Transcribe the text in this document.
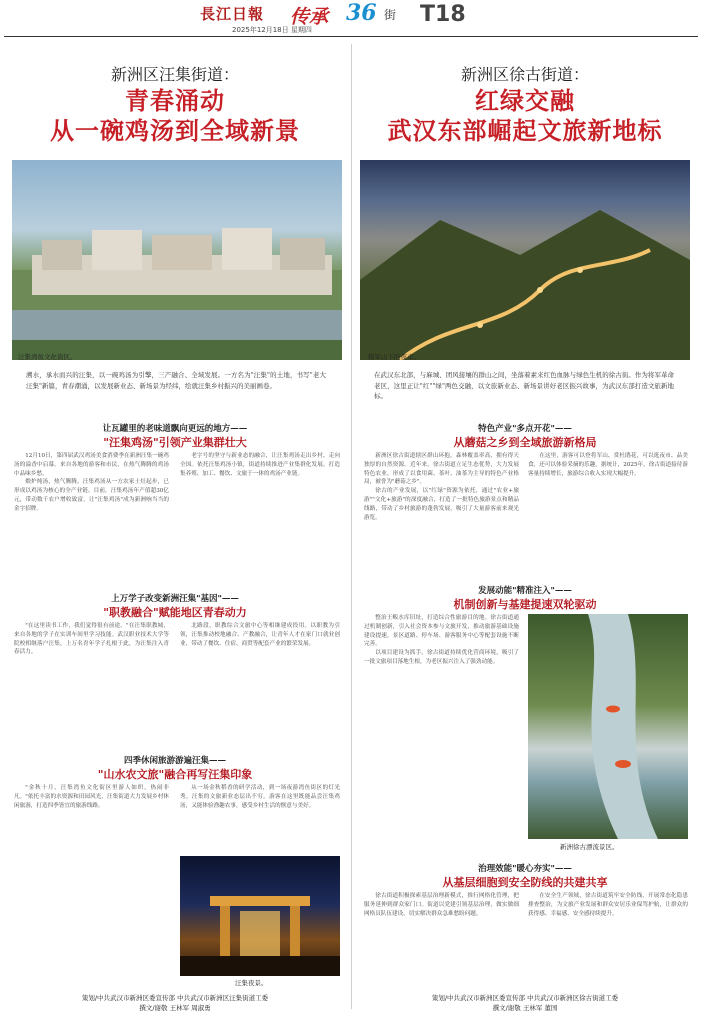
長江日報 传承 36 街 T18
2025年12月18日 星期四
新洲区汪集街道：
青春涌动
从一碗鸡汤到全域新景
汪集湾鱼文化街区。
溯水，承水而兴的汪集，以一碗鸡汤为引擎，三产融合、全域发展。一方名为"汪集"的土地，书写"老大汪集"新篇，青春潮涌，以发展新业态、新场景为经纬，绘就汪集乡村振兴的美丽画卷。
让瓦罐里的老味道飘向更远的地方——
"汪集鸡汤"引领产业集群壮大

12月10日，第四届武汉鸡汤美食消费季在新洲汪集一碗鸡汤的溢香中启幕。来自各地的游客和市民，在热气腾腾的鸡汤中品味乡愁。

煨炉炖汤，热气腾腾。汪集鸡汤从一方农家土灶起步，已形成以鸡汤为核心的全产业链。目前，汪集鸡汤年产值超30亿元，带动数千农户增收致富，让"汪集鸡汤"成为新洲响当当的金字招牌。

老字号的坚守与新业态的融合，让汪集鸡汤走出乡村、走向全国。依托汪集鸡汤小镇，街道持续推进产业集群化发展，打造集养殖、加工、餐饮、文旅于一体的鸡汤产业链。

上万学子改变新洲汪集"基因"——
"职教融合"赋能地区青春动力

"在这里读书工作，我们觉得很有前途。"在汪集职教城，来自各地的学子在实训车间里学习技能。武汉职业技术大学等院校相继落户汪集，上万名青年学子扎根于此，为汪集注入青春活力。

北路段，职教综合文旅中心等相继建成投用。以职教为引领，汪集推动校地融合、产教融合，让青年人才在家门口就业创业，带动了餐饮、住宿、商贸等配套产业的繁荣发展。

四季休闲旅游游遍汪集——
"山水农文旅"融合再写汪集印象

"金秋十月，汪集湾鱼文化街区里游人如织，热闹非凡。"依托丰富的水资源和田园风光，汪集街道大力发展乡村休闲旅游，打造四季皆宜的旅游线路。

从一场金秋稻香的研学活动，到一场夜游湾鱼街区的灯光秀，汪集的文旅新业态层出不穷，游客在这里既能品尝汪集鸡汤，又能体验渔趣农事，感受乡村生活的惬意与美好。

汪集夜景。
策划/中共武汉市新洲区委宣传部 中共武汉市新洲区汪集街道工委
撰文/谢敬 王林军 周淑勇
新洲区徐古街道：
红绿交融
武汉东部崛起文旅新地标
将军山下的夜市。
在武汉东北部，与麻城、团风接壤的群山之间，坐落着素来红色血脉与绿色生机的徐古街。作为将军革命老区，这里正让"红""绿"两色交融，以文旅新业态、新场景讲好老区振兴故事，为武汉东部打造文旅新地标。
特色产业"多点开花"——
从蘑菇之乡到全域旅游新格局

新洲区徐古街道辖区群山环抱，森林覆盖率高，拥有得天独厚的自然资源。近年来，徐古街道立足生态优势，大力发展特色农业，形成了以食用菌、茶叶、油茶为主导的特色产业格局，被誉为"蘑菇之乡"。

徐古的产业发展，以"红绿"资源为依托，通过"农业+旅游""文化+旅游"的深度融合，打造了一批特色旅游景点和精品线路，带动了乡村旅游的蓬勃发展，吸引了大量游客前来观光游览。

在这里，游客可以登将军山、赏杜鹃花，可以逛夜市、品美食，还可以体验采摘的乐趣。据统计，2025年，徐古街道接待游客量持续增长，旅游综合收入实现大幅提升。

发展动能"精准注入"——
机制创新与基建提速双轮驱动

整治王畈水库旧址，打造综合性旅游目的地。徐古街道通过机制创新，引入社会资本参与文旅开发，推动旅游基础设施建设提速，景区道路、停车场、游客服务中心等配套设施不断完善。

以项目建设为抓手，徐古街道持续优化营商环境，吸引了一批文旅项目落地生根，为老区振兴注入了强劲动能。

新洲徐古漂流景区。
治理效能"暖心夯实"——
从基层细胞到安全防线的共建共享

徐古街道积极探索基层治理新模式，推行网格化管理，把服务延伸到群众家门口。街道以党建引领基层治理，做实做细网格员队伍建设，切实解决群众急难愁盼问题。

在安全生产领域，徐古街道筑牢安全防线，开展常态化隐患排查整治，为文旅产业发展和群众安居乐业保驾护航，让群众的获得感、幸福感、安全感持续提升。

策划/中共武汉市新洲区委宣传部 中共武汉市新洲区徐古街道工委
撰文/谢敬 王林军 董国
